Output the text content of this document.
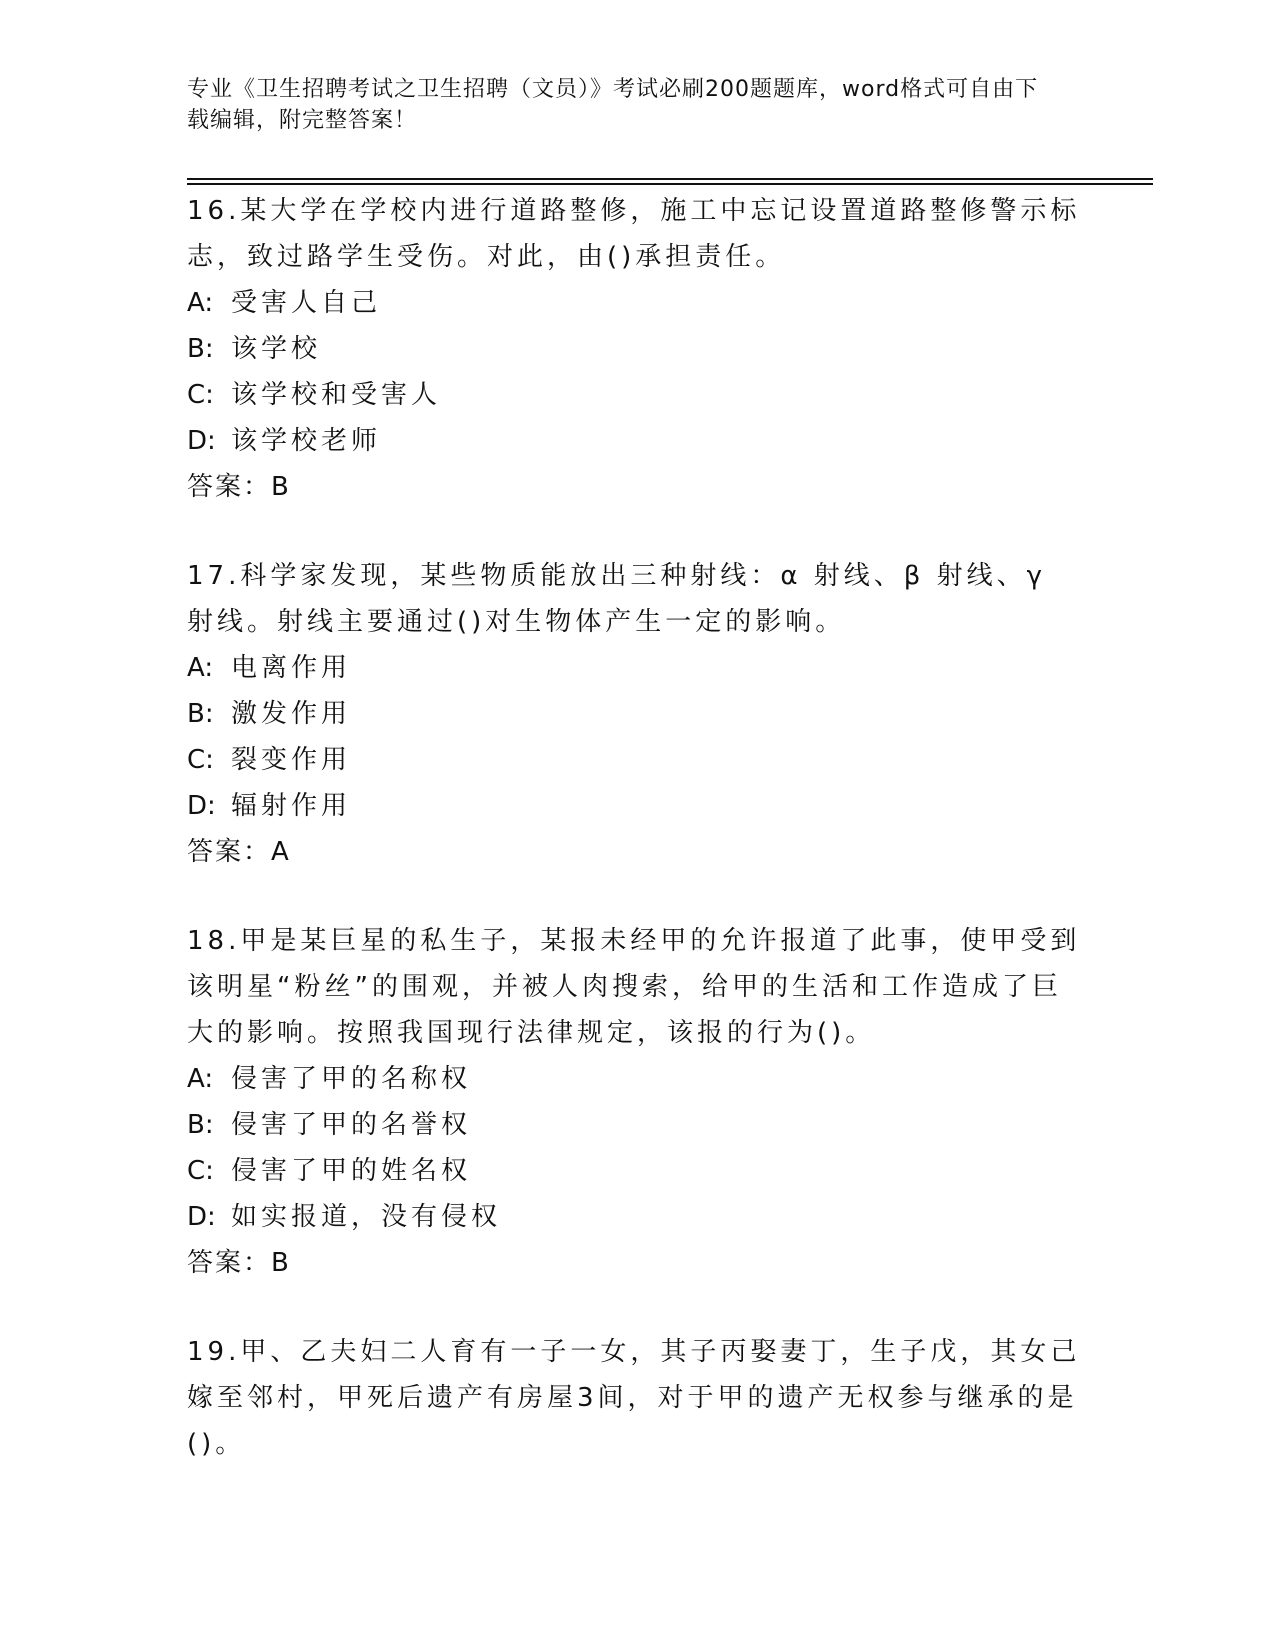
专业《卫生招聘考试之卫生招聘（文员）》考试必刷200题题库，word格式可自由下载编辑，附完整答案！

16.某大学在学校内进行道路整修，施工中忘记设置道路整修警示标志，致过路学生受伤。对此，由()承担责任。

A: 受害人自己

B: 该学校

C: 该学校和受害人

D: 该学校老师

答案：B

17.科学家发现，某些物质能放出三种射线：α 射线、β 射线、γ 射线。射线主要通过()对生物体产生一定的影响。

A: 电离作用

B: 激发作用

C: 裂变作用

D: 辐射作用

答案：A

18.甲是某巨星的私生子，某报未经甲的允许报道了此事，使甲受到该明星“粉丝”的围观，并被人肉搜索，给甲的生活和工作造成了巨大的影响。按照我国现行法律规定，该报的行为()。

A: 侵害了甲的名称权

B: 侵害了甲的名誉权

C: 侵害了甲的姓名权

D: 如实报道，没有侵权

答案：B

19.甲、乙夫妇二人育有一子一女，其子丙娶妻丁，生子戊，其女己嫁至邻村，甲死后遗产有房屋3间，对于甲的遗产无权参与继承的是()。
